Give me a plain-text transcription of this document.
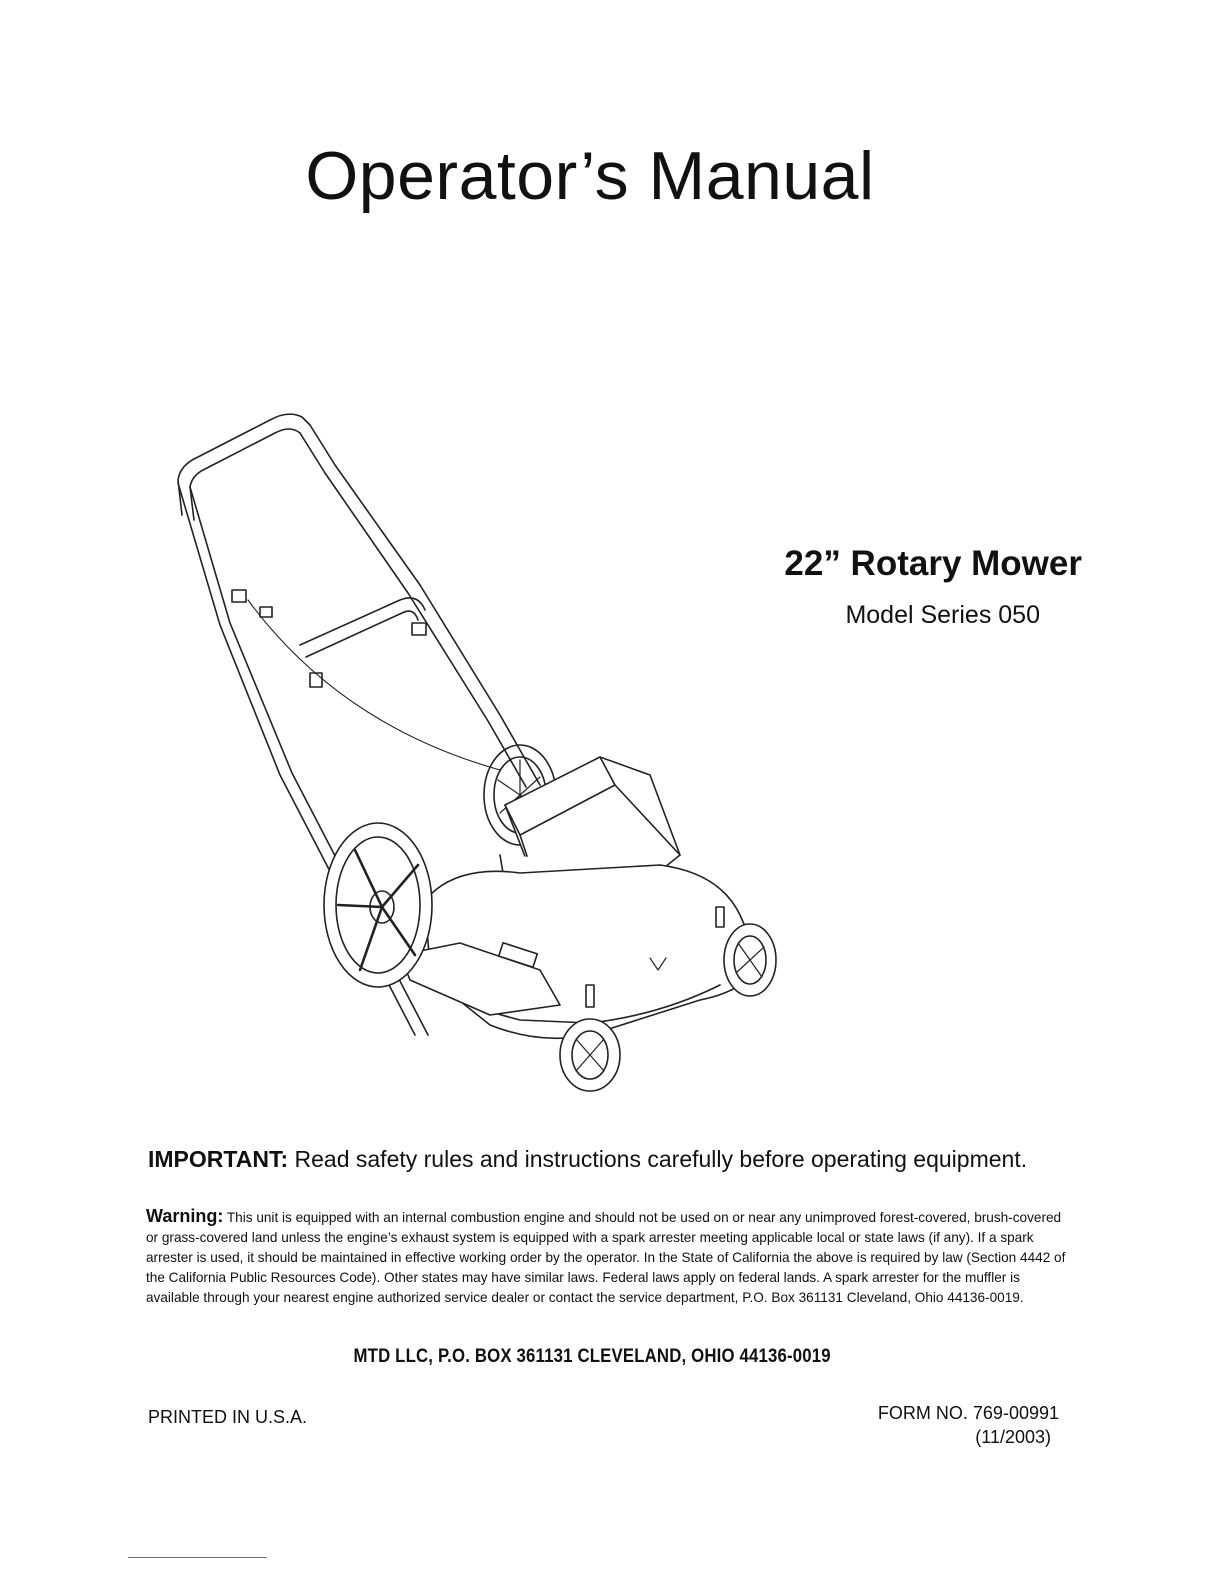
Operator’s Manual
22” Rotary Mower
Model Series 050
IMPORTANT: Read safety rules and instructions carefully before operating equipment.
Warning: This unit is equipped with an internal combustion engine and should not be used on or near any unimproved forest-covered, brush-covered or grass-covered land unless the engine’s exhaust system is equipped with a spark arrester meeting applicable local or state laws (if any). If a spark arrester is used, it should be maintained in effective working order by the operator. In the State of California the above is required by law (Section 4442 of the California Public Resources Code). Other states may have similar laws. Federal laws apply on federal lands. A spark arrester for the muffler is available through your nearest engine authorized service dealer or contact the service department, P.O. Box 361131 Cleveland, Ohio 44136-0019.
MTD LLC, P.O. BOX 361131 CLEVELAND, OHIO 44136-0019
PRINTED IN U.S.A.	FORM NO. 769-00991
(11/2003)
